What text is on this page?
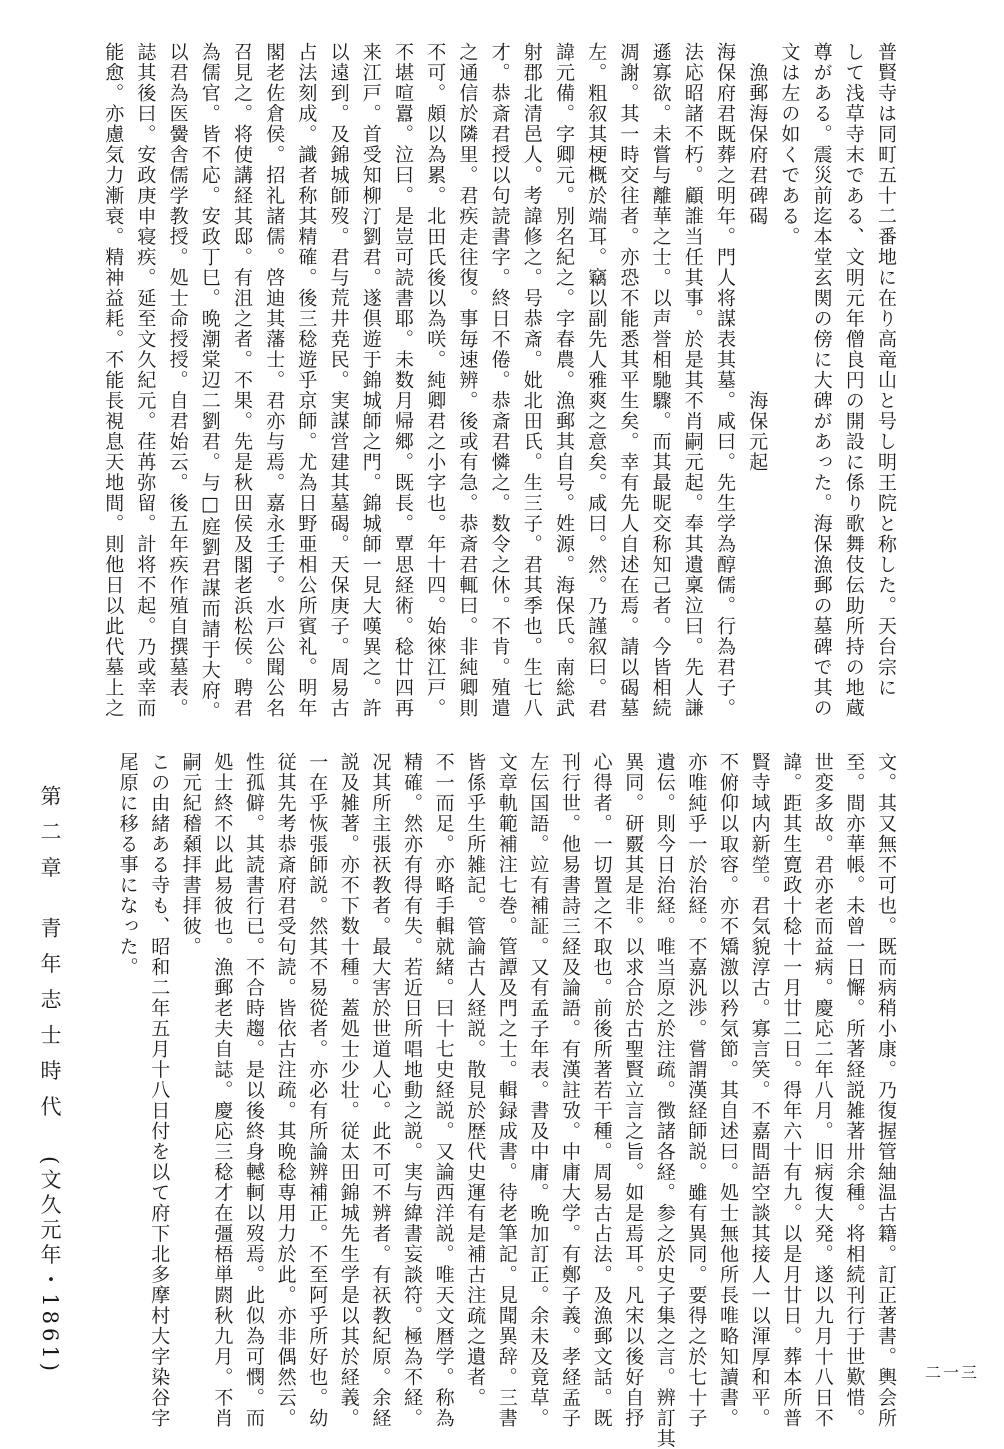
普賢寺は同町五十二番地に在り高竜山と号し明王院と称した。天台宗に
して浅草寺末である、文明元年僧良円の開設に係り歌舞伎伝助所持の地蔵
尊がある。震災前迄本堂玄関の傍に大碑があった。海保漁郵の墓碑で其の
文は左の如くである。
　漁郵海保府君碑碣　　　　　　　　海保元起
海保府君既葬之明年。門人将謀表其墓。咸曰。先生学為醇儒。行為君子。
法応昭諸不朽。顧誰当任其事。於是其不肖嗣元起。奉其遺稟泣曰。先人謙
遜寡欲。未嘗与離華之士。以声誉相馳驟。而其最昵交称知己者。今皆相続
凋謝。其一時交往者。亦恐不能悉其平生矣。幸有先人自述在焉。請以碣墓
左。粗叙其梗概於端耳。竊以副先人雅爽之意矣。咸曰。然。乃謹叙曰。君
諱元備。字卿元。別名紀之。字春農。漁郵其自号。姓源。海保氏。南総武
射郡北清邑人。考諱修之。号恭斎。妣北田氏。生三子。君其季也。生七八
才。恭斎君授以句読書字。終日不倦。恭斎君憐之。数令之休。不肯。殖遣
之通信於隣里。君疾走往復。事毎速辨。後或有急。恭斎君輒曰。非純卿則
不可。頗以為累。北田氏後以為咲。純卿君之小字也。年十四。始徠江戸。
不堪喧囂。泣曰。是豈可読書耶。未数月帰郷。既長。覃思経術。稔廿四再
来江戸。首受知柳汀劉君。遂倶遊于錦城師之門。錦城師一見大嘆異之。許
以遠到。及錦城師歿。君与荒井尭民。実謀営建其墓碣。天保庚子。周易古
占法刻成。識者称其精確。後三稔遊乎京師。尤為日野亜相公所賓礼。明年
閣老佐倉侯。招礼諸儒。啓迪其藩士。君亦与焉。嘉永壬子。水戸公聞公名
召見之。将使講経其邸。有沮之者。不果。先是秋田侯及閣老浜松侯。聘君
為儒官。皆不応。安政丁巳。晩潮棠辺二劉君。与□庭劉君謀而請于大府。
以君為医黌舎儒学教授。処士命授授。自君始云。後五年疾作殖自撰墓表。
誌其後曰。安政庚申寝疾。延至文久紀元。荏苒弥留。計将不起。乃或幸而
能愈。亦慮気力漸衰。精神益耗。不能長視息天地間。則他日以此代墓上之
文。其又無不可也。既而病稍小康。乃復握管紬温古籍。訂正著書。輿会所
至。間亦華帳。未曾一日懈。所著経説雑著卅余種。将相続刊行于世歎惜。
世変多故。君亦老而益病。慶応二年八月。旧病復大発。遂以九月十八日不
諱。距其生寛政十稔十一月廿二日。得年六十有九。以是月廿日。葬本所普
賢寺域内新塋。君気貌淳古。寡言笑。不嘉間語空談其接人一以渾厚和平。
不俯仰以取容。亦不矯激以矜気節。其自述曰。処士無他所長唯略知讀書。
亦唯純乎一於治経。不嘉汎渉。嘗謂漢経師説。雖有異同。要得之於七十子
遺伝。則今日治経。唯当原之於注疏。徴諸各経。参之於史子集之言。辨訂其
異同。研覈其是非。以求合於古聖賢立言之旨。如是焉耳。凡宋以後好自抒
心得者。一切置之不取也。前後所著若干種。周易古占法。及漁郵文話。既
刊行世。他易書詩三経及論語。有漢註攷。中庸大学。有鄭子義。孝経孟子
左伝国語。竝有補証。又有孟子年表。書及中庸。晩加訂正。余未及竟草。
文章軌範補注七巻。管譚及門之士。輯録成書。待老筆記。見聞異辞。三書
皆係乎生所雑記。管論古人経説。散見於歴代史運有是補古注疏之遺者。
不一而足。亦略手輯就緒。曰十七史経説。又論西洋説。唯天文暦学。称為
精確。然亦有得有失。若近日所唱地動之説。実与緯書妄談符。極為不経。
况其所主張祆教者。最大害於世道人心。此不可不辨者。有祆教紀原。余経
説及雑著。亦不下数十種。蓋処士少壮。従太田錦城先生学是以其於経義。
一在乎恢張師説。然其不易從者。亦必有所論辨補正。不至阿乎所好也。幼
従其先考恭斎府君受句読。皆依古注疏。其晩稔専用力於此。亦非偶然云。
性孤僻。其読書行已。不合時趨。是以後終身轗軻以歿焉。此似為可憫。而
処士終不以此易彼也。漁郵老夫自誌。慶応三稔才在彊梧単閼秋九月。不肖
嗣元紀稽顙拝書拝彼。
この由緒ある寺も、昭和二年五月十八日付を以て府下北多摩村大字染谷字
尾原に移る事になった。
第 二 章 　青 年 志 士 時 代 　(文久元年・1861)	二一三
